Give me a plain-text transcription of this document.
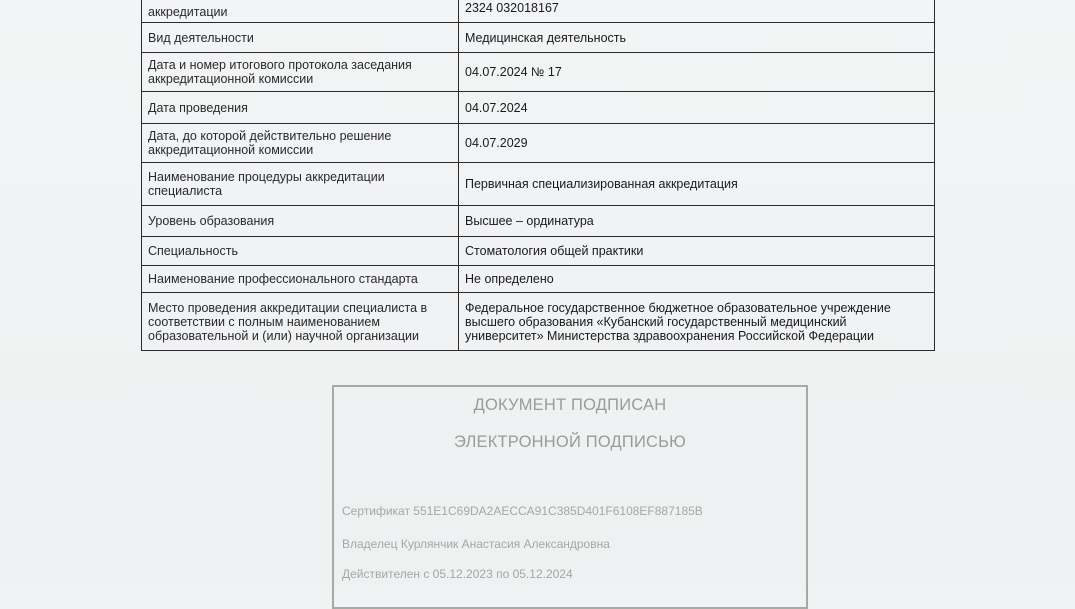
аккредитации	2324 032018167
Вид деятельности	Медицинская деятельность
Дата и номер итогового протокола заседания аккредитационной комиссии	04.07.2024 № 17
Дата проведения	04.07.2024
Дата, до которой действительно решение аккредитационной комиссии	04.07.2029
Наименование процедуры аккредитации специалиста	Первичная специализированная аккредитация
Уровень образования	Высшее – ординатура
Специальность	Стоматология общей практики
Наименование профессионального стандарта	Не определено
Место проведения аккредитации специалиста в соответствии с полным наименованием образовательной и (или) научной организации	Федеральное государственное бюджетное образовательное учреждение высшего образования «Кубанский государственный медицинский университет» Министерства здравоохранения Российской Федерации
ДОКУМЕНТ ПОДПИСАН
ЭЛЕКТРОННОЙ ПОДПИСЬЮ
Сертификат 551E1C69DA2AECCA91C385D401F6108EF887185B
Владелец Курлянчик Анастасия Александровна
Действителен с 05.12.2023 по 05.12.2024
